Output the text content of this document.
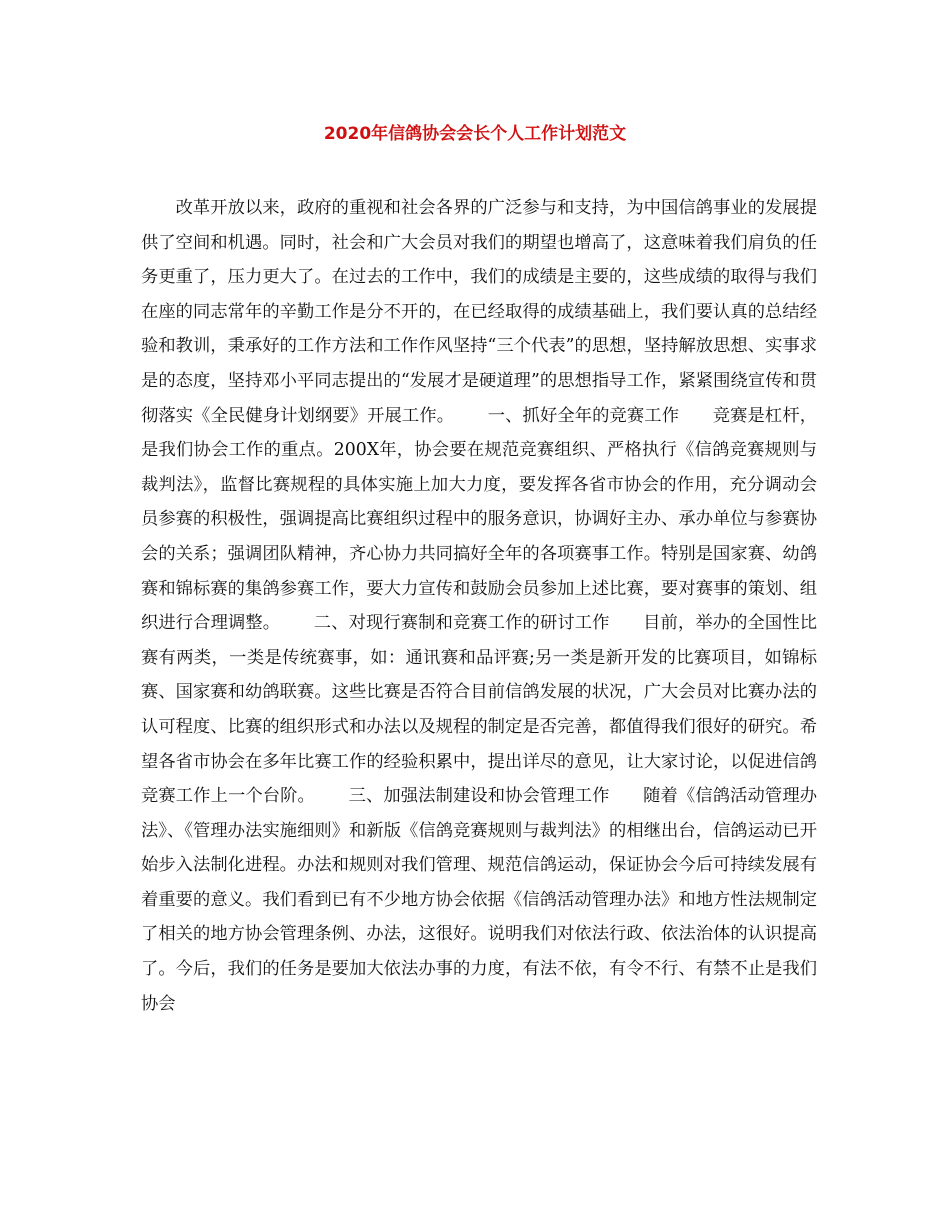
2020年信鸽协会会长个人工作计划范文

改革开放以来，政府的重视和社会各界的广泛参与和支持，为中国信鸽事业的发展提供了空间和机遇。同时，社会和广大会员对我们的期望也增高了，这意味着我们肩负的任务更重了，压力更大了。在过去的工作中，我们的成绩是主要的，这些成绩的取得与我们在座的同志常年的辛勤工作是分不开的，在已经取得的成绩基础上，我们要认真的总结经验和教训，秉承好的工作方法和工作作风坚持“三个代表”的思想，坚持解放思想、实事求是的态度，坚持邓小平同志提出的“发展才是硬道理”的思想指导工作，紧紧围绕宣传和贯彻落实《全民健身计划纲要》开展工作。      一、抓好全年的竞赛工作      竞赛是杠杆，是我们协会工作的重点。200X年，协会要在规范竞赛组织、严格执行《信鸽竞赛规则与裁判法》，监督比赛规程的具体实施上加大力度，要发挥各省市协会的作用，充分调动会员参赛的积极性，强调提高比赛组织过程中的服务意识，协调好主办、承办单位与参赛协会的关系；强调团队精神，齐心协力共同搞好全年的各项赛事工作。特别是国家赛、幼鸽赛和锦标赛的集鸽参赛工作，要大力宣传和鼓励会员参加上述比赛，要对赛事的策划、组织进行合理调整。      二、对现行赛制和竞赛工作的研讨工作      目前，举办的全国性比赛有两类，一类是传统赛事，如：通讯赛和品评赛;另一类是新开发的比赛项目，如锦标赛、国家赛和幼鸽联赛。这些比赛是否符合目前信鸽发展的状况，广大会员对比赛办法的认可程度、比赛的组织形式和办法以及规程的制定是否完善，都值得我们很好的研究。希望各省市协会在多年比赛工作的经验积累中，提出详尽的意见，让大家讨论，以促进信鸽竞赛工作上一个台阶。      三、加强法制建设和协会管理工作      随着《信鸽活动管理办法》、《管理办法实施细则》和新版《信鸽竞赛规则与裁判法》的相继出台，信鸽运动已开始步入法制化进程。办法和规则对我们管理、规范信鸽运动，保证协会今后可持续发展有着重要的意义。我们看到已有不少地方协会依据《信鸽活动管理办法》和地方性法规制定了相关的地方协会管理条例、办法，这很好。说明我们对依法行政、依法治体的认识提高了。今后，我们的任务是要加大依法办事的力度，有法不依，有令不行、有禁不止是我们协会
